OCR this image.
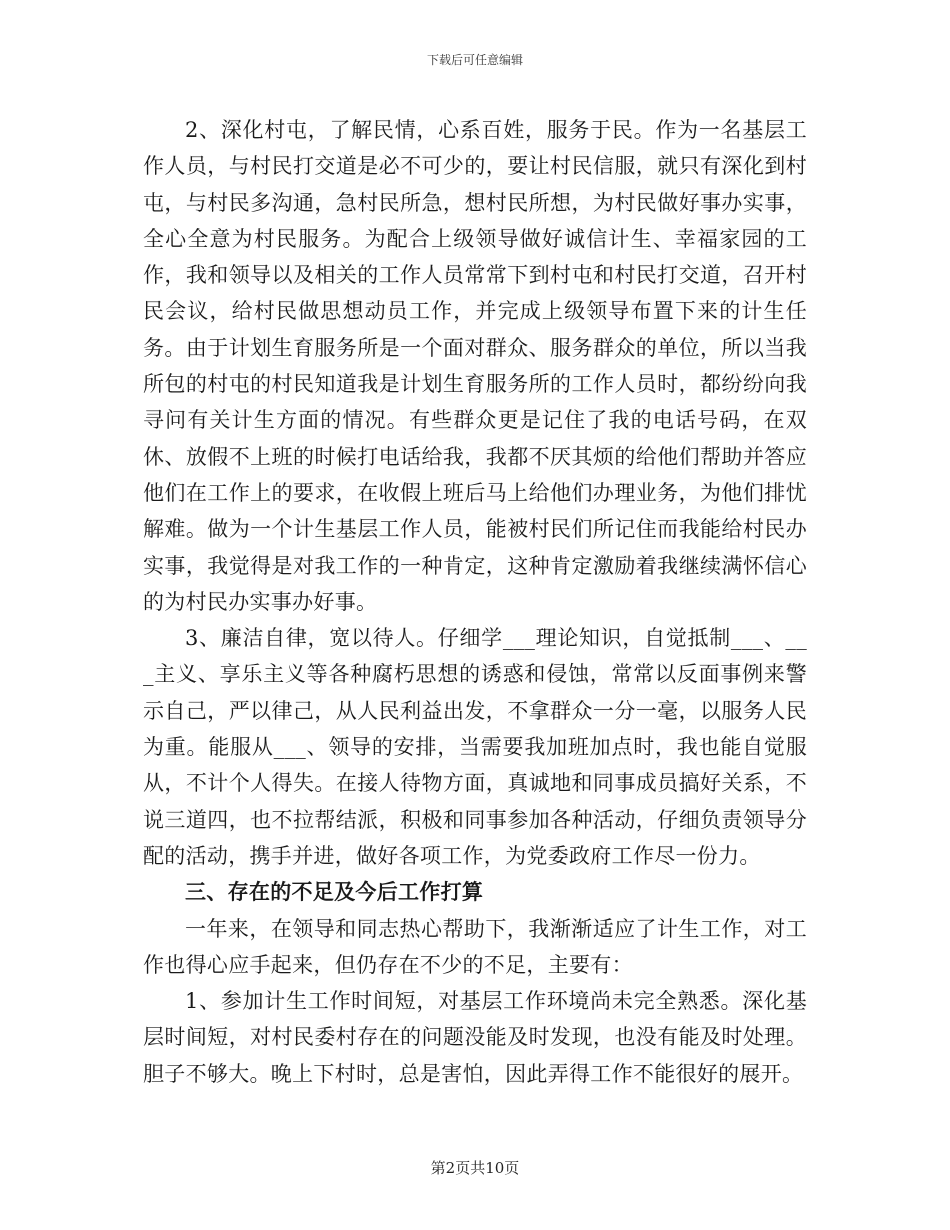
下载后可任意编辑

2、深化村屯，了解民情，心系百姓，服务于民。作为一名基层工作人员，与村民打交道是必不可少的，要让村民信服，就只有深化到村屯，与村民多沟通，急村民所急，想村民所想，为村民做好事办实事，全心全意为村民服务。为配合上级领导做好诚信计生、幸福家园的工作，我和领导以及相关的工作人员常常下到村屯和村民打交道，召开村民会议，给村民做思想动员工作，并完成上级领导布置下来的计生任务。由于计划生育服务所是一个面对群众、服务群众的单位，所以当我所包的村屯的村民知道我是计划生育服务所的工作人员时，都纷纷向我寻问有关计生方面的情况。有些群众更是记住了我的电话号码，在双休、放假不上班的时候打电话给我，我都不厌其烦的给他们帮助并答应他们在工作上的要求，在收假上班后马上给他们办理业务，为他们排忧解难。做为一个计生基层工作人员，能被村民们所记住而我能给村民办实事，我觉得是对我工作的一种肯定，这种肯定激励着我继续满怀信心的为村民办实事办好事。

3、廉洁自律，宽以待人。仔细学___理论知识，自觉抵制___、___主义、享乐主义等各种腐朽思想的诱惑和侵蚀，常常以反面事例来警示自己，严以律己，从人民利益出发，不拿群众一分一毫，以服务人民为重。能服从___、领导的安排，当需要我加班加点时，我也能自觉服从，不计个人得失。在接人待物方面，真诚地和同事成员搞好关系，不说三道四，也不拉帮结派，积极和同事参加各种活动，仔细负责领导分配的活动，携手并进，做好各项工作，为党委政府工作尽一份力。

三、存在的不足及今后工作打算

一年来，在领导和同志热心帮助下，我渐渐适应了计生工作，对工作也得心应手起来，但仍存在不少的不足，主要有：

1、参加计生工作时间短，对基层工作环境尚未完全熟悉。深化基层时间短，对村民委村存在的问题没能及时发现，也没有能及时处理。胆子不够大。晚上下村时，总是害怕，因此弄得工作不能很好的展开。

第2页共10页
